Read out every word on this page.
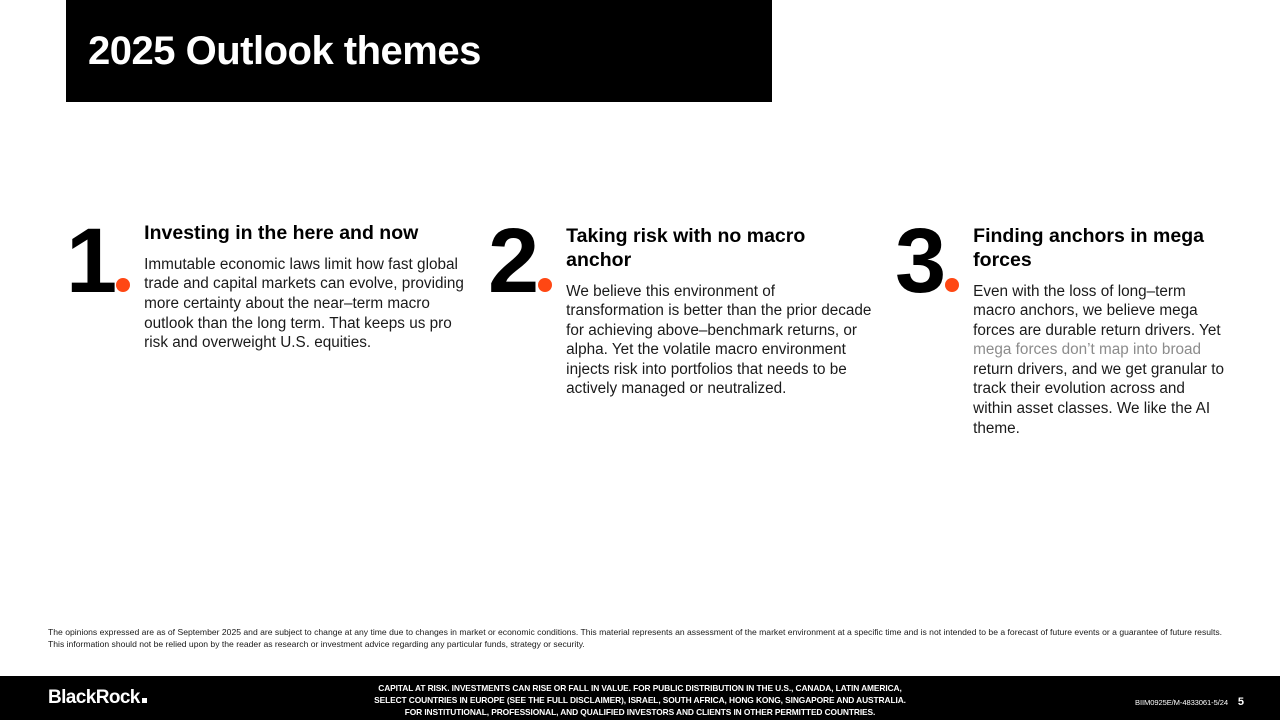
2025 Outlook themes
1	Investing in the here and now

Immutable economic laws limit how fast global trade and capital markets can evolve, providing more certainty about the near–term macro outlook than the long term. That keeps us pro risk and overweight U.S. equities.

2	Taking risk with no macro anchor

We believe this environment of transformation is better than the prior decade for achieving above–benchmark returns, or alpha. Yet the volatile macro environment injects risk into portfolios that needs to be actively managed or neutralized.

3	Finding anchors in mega forces

Even with the loss of long–term macro anchors, we believe mega forces are durable return drivers. Yet mega forces don’t map into broad return drivers, and we get granular to track their evolution across and within asset classes. We like the AI theme.

The opinions expressed are as of September 2025 and are subject to change at any time due to changes in market or economic conditions. This material represents an assessment of the market environment at a specific time and is not intended to be a forecast of future events or a guarantee of future results. This information should not be relied upon by the reader as research or investment advice regarding any particular funds, strategy or security.
BlackRock	CAPITAL AT RISK. INVESTMENTS CAN RISE OR FALL IN VALUE. FOR PUBLIC DISTRIBUTION IN THE U.S., CANADA, LATIN AMERICA,
SELECT COUNTRIES IN EUROPE (SEE THE FULL DISCLAIMER), ISRAEL, SOUTH AFRICA, HONG KONG, SINGAPORE AND AUSTRALIA.
FOR INSTITUTIONAL, PROFESSIONAL, AND QUALIFIED INVESTORS AND CLIENTS IN OTHER PERMITTED COUNTRIES.
BIIM0925E/M-4833061-5/24 5
